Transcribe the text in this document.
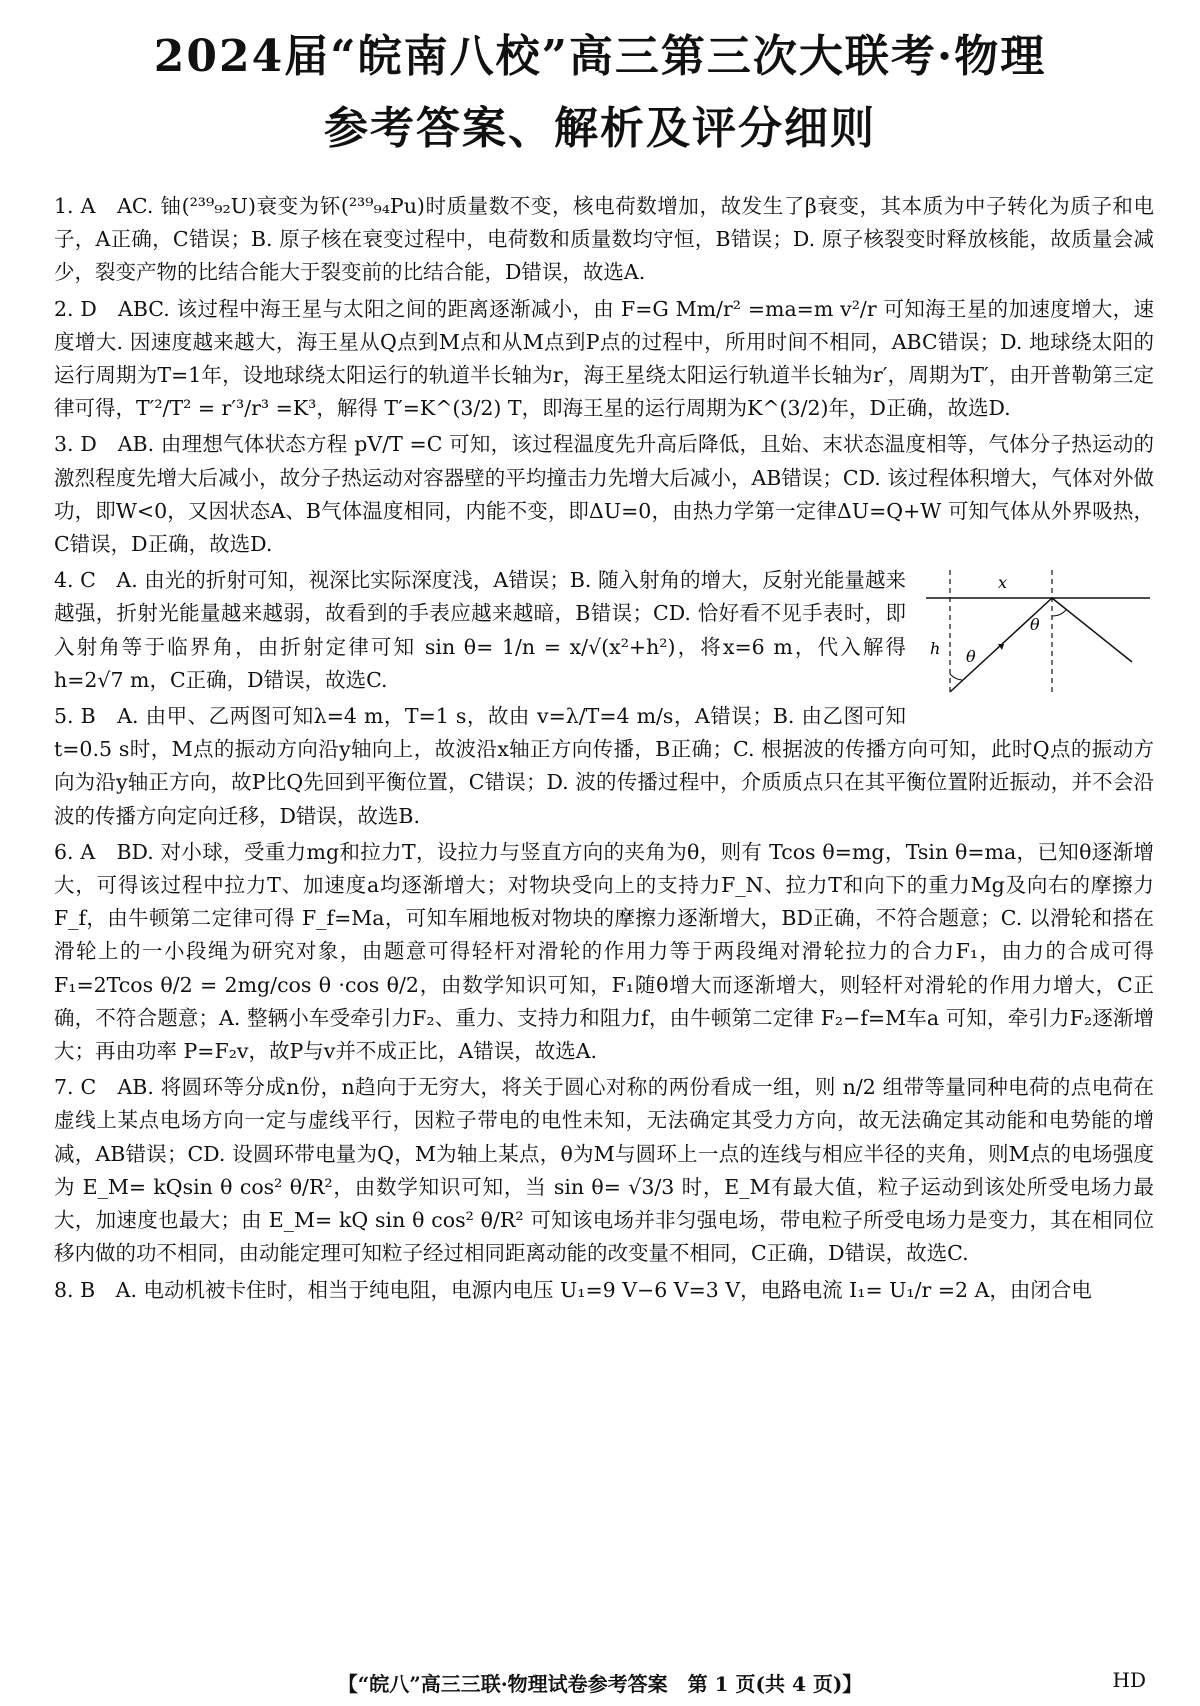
2024届“皖南八校”高三第三次大联考·物理
参考答案、解析及评分细则

1. A　 AC. 铀(²³⁹₉₂U)衰变为钚(²³⁹₉₄Pu)时质量数不变，核电荷数增加，故发生了β衰变，其本质为中子转化为质子和电子，A正确，C错误；B. 原子核在衰变过程中，电荷数和质量数均守恒，B错误；D. 原子核裂变时释放核能，故质量会减少，裂变产物的比结合能大于裂变前的比结合能，D错误，故选A.

2. D　 ABC. 该过程中海王星与太阳之间的距离逐渐减小，由 F=G Mm/r² =ma=m v²/r 可知海王星的加速度增大，速度增大. 因速度越来越大，海王星从Q点到M点和从M点到P点的过程中，所用时间不相同，ABC错误；D. 地球绕太阳的运行周期为T=1年，设地球绕太阳运行的轨道半长轴为r，海王星绕太阳运行轨道半长轴为r′，周期为T′，由开普勒第三定律可得，T′²/T² = r′³/r³ =K³，解得 T′=K^(3/2) T，即海王星的运行周期为K^(3/2)年，D正确，故选D.

3. D　 AB. 由理想气体状态方程 pV/T =C 可知，该过程温度先升高后降低，且始、末状态温度相等，气体分子热运动的激烈程度先增大后减小，故分子热运动对容器壁的平均撞击力先增大后减小，AB错误；CD. 该过程体积增大，气体对外做功，即W<0，又因状态A、B气体温度相同，内能不变，即ΔU=0，由热力学第一定律ΔU=Q+W 可知气体从外界吸热，C错误，D正确，故选D.

x
h θ
θ
4. C　 A. 由光的折射可知，视深比实际深度浅，A错误；B. 随入射角的增大，反射光能量越来越强，折射光能量越来越弱，故看到的手表应越来越暗，B错误；CD. 恰好看不见手表时，即入射角等于临界角，由折射定律可知 sin θ= 1/n = x/√(x²+h²)，将x=6 m，代入解得 h=2√7 m，C正确，D错误，故选C.

5. B　 A. 由甲、乙两图可知λ=4 m，T=1 s，故由 v=λ/T=4 m/s，A错误；B. 由乙图可知 t=0.5 s时，M点的振动方向沿y轴向上，故波沿x轴正方向传播，B正确；C. 根据波的传播方向可知，此时Q点的振动方向为沿y轴正方向，故P比Q先回到平衡位置，C错误；D. 波的传播过程中，介质质点只在其平衡位置附近振动，并不会沿波的传播方向定向迁移，D错误，故选B.

6. A　 BD. 对小球，受重力mg和拉力T，设拉力与竖直方向的夹角为θ，则有 Tcos θ=mg，Tsin θ=ma，已知θ逐渐增大，可得该过程中拉力T、加速度a均逐渐增大；对物块受向上的支持力F_N、拉力T和向下的重力Mg及向右的摩擦力F_f，由牛顿第二定律可得 F_f=Ma，可知车厢地板对物块的摩擦力逐渐增大，BD正确，不符合题意；C. 以滑轮和搭在滑轮上的一小段绳为研究对象，由题意可得轻杆对滑轮的作用力等于两段绳对滑轮拉力的合力F₁，由力的合成可得 F₁=2Tcos θ/2 = 2mg/cos θ ·cos θ/2，由数学知识可知，F₁随θ增大而逐渐增大，则轻杆对滑轮的作用力增大，C正确，不符合题意；A. 整辆小车受牵引力F₂、重力、支持力和阻力f，由牛顿第二定律 F₂−f=M车a 可知，牵引力F₂逐渐增大；再由功率 P=F₂v，故P与v并不成正比，A错误，故选A.

7. C　 AB. 将圆环等分成n份，n趋向于无穷大，将关于圆心对称的两份看成一组，则 n/2 组带等量同种电荷的点电荷在虚线上某点电场方向一定与虚线平行，因粒子带电的电性未知，无法确定其受力方向，故无法确定其动能和电势能的增减，AB错误；CD. 设圆环带电量为Q，M为轴上某点，θ为M与圆环上一点的连线与相应半径的夹角，则M点的电场强度为 E_M= kQsin θ cos² θ/R²，由数学知识可知，当 sin θ= √3/3 时，E_M有最大值，粒子运动到该处所受电场力最大，加速度也最大；由 E_M= kQ sin θ cos² θ/R² 可知该电场并非匀强电场，带电粒子所受电场力是变力，其在相同位移内做的功不相同，由动能定理可知粒子经过相同距离动能的改变量不相同，C正确，D错误，故选C.

8. B　 A. 电动机被卡住时，相当于纯电阻，电源内电压 U₁=9 V−6 V=3 V，电路电流 I₁= U₁/r =2 A，由闭合电

【“皖八”高三三联·物理试卷参考答案　第 1 页(共 4 页)】	HD
